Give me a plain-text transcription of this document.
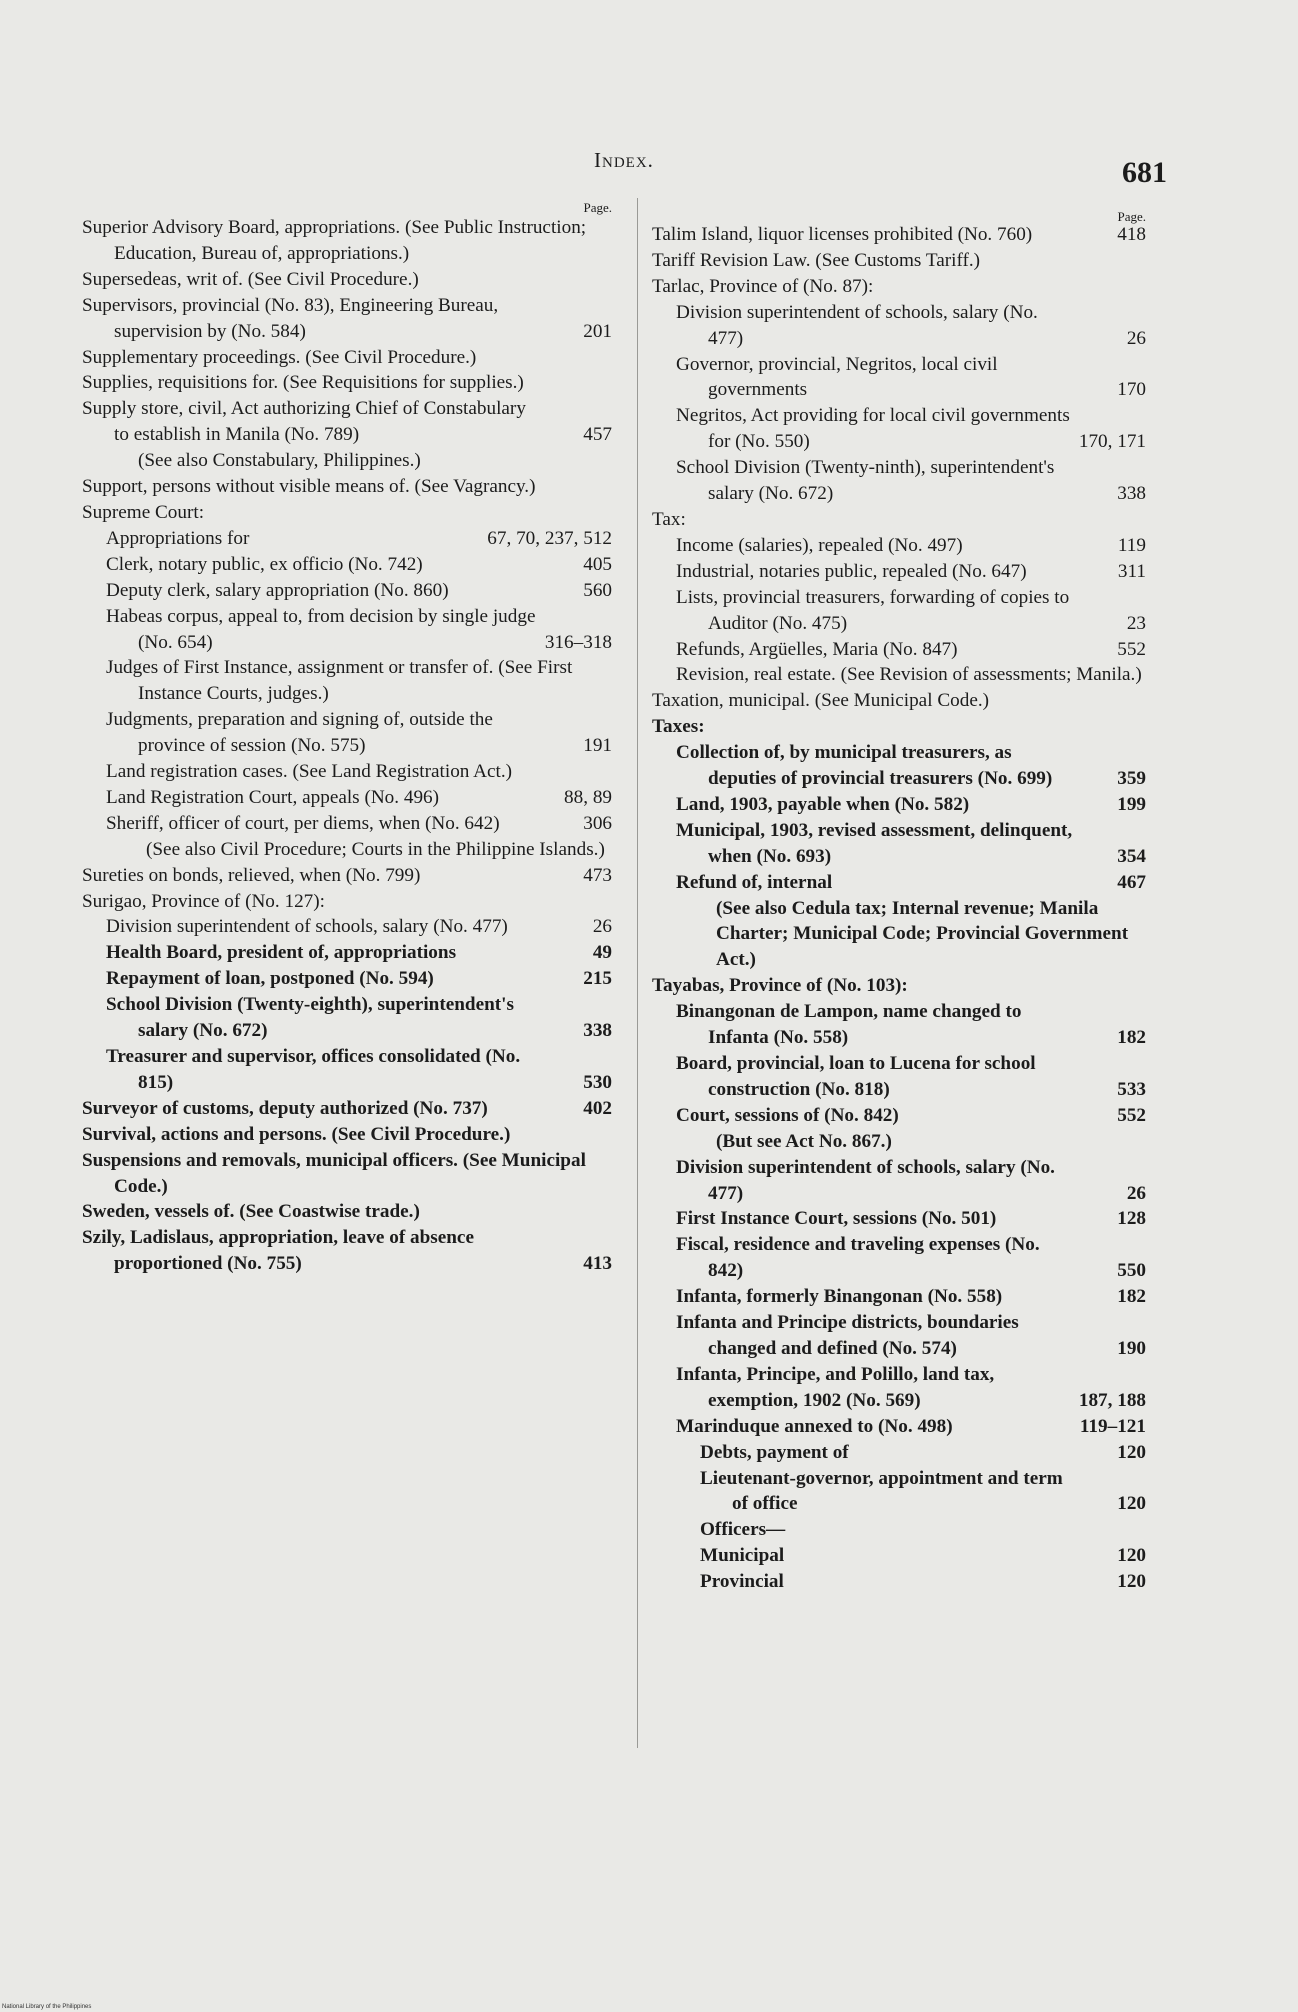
Index.	681
Page.
Superior Advisory Board, appropriations. (See Public Instruction; Education, Bureau of, appropriations.)
Supersedeas, writ of. (See Civil Procedure.)
Supervisors, provincial (No. 83), Engineering Bureau, supervision by (No. 584)	201
Supplementary proceedings. (See Civil Procedure.)
Supplies, requisitions for. (See Requisitions for supplies.)
Supply store, civil, Act authorizing Chief of Constabulary to establish in Manila (No. 789)	457
(See also Constabulary, Philippines.)
Support, persons without visible means of. (See Vagrancy.)
Supreme Court:
Appropriations for	67, 70, 237, 512
Clerk, notary public, ex officio (No. 742)	405
Deputy clerk, salary appropriation (No. 860)	560
Habeas corpus, appeal to, from decision by single judge (No. 654)	316–318
Judges of First Instance, assignment or transfer of. (See First Instance Courts, judges.)
Judgments, preparation and signing of, outside the province of session (No. 575)	191
Land registration cases. (See Land Registration Act.)
Land Registration Court, appeals (No. 496)	88, 89
Sheriff, officer of court, per diems, when (No. 642)	306
(See also Civil Procedure; Courts in the Philippine Islands.)
Sureties on bonds, relieved, when (No. 799)	473
Surigao, Province of (No. 127):
Division superintendent of schools, salary (No. 477)	26
Health Board, president of, appropriations	49
Repayment of loan, postponed (No. 594)	215
School Division (Twenty-eighth), superintendent's salary (No. 672)	338
Treasurer and supervisor, offices consolidated (No. 815)	530
Surveyor of customs, deputy authorized (No. 737)	402
Survival, actions and persons. (See Civil Procedure.)
Suspensions and removals, municipal officers. (See Municipal Code.)
Sweden, vessels of. (See Coastwise trade.)
Szily, Ladislaus, appropriation, leave of absence proportioned (No. 755)	413
Page.
Talim Island, liquor licenses prohibited (No. 760)	418
Tariff Revision Law. (See Customs Tariff.)
Tarlac, Province of (No. 87):
Division superintendent of schools, salary (No. 477)	26
Governor, provincial, Negritos, local civil governments	170
Negritos, Act providing for local civil governments for (No. 550)	170, 171
School Division (Twenty-ninth), superintendent's salary (No. 672)	338
Tax:
Income (salaries), repealed (No. 497)	119
Industrial, notaries public, repealed (No. 647)	311
Lists, provincial treasurers, forwarding of copies to Auditor (No. 475)	23
Refunds, Argüelles, Maria (No. 847)	552
Revision, real estate. (See Revision of assessments; Manila.)
Taxation, municipal. (See Municipal Code.)
Taxes:
Collection of, by municipal treasurers, as deputies of provincial treasurers (No. 699)	359
Land, 1903, payable when (No. 582)	199
Municipal, 1903, revised assessment, delinquent, when (No. 693)	354
Refund of, internal	467
(See also Cedula tax; Internal revenue; Manila Charter; Municipal Code; Provincial Government Act.)
Tayabas, Province of (No. 103):
Binangonan de Lampon, name changed to Infanta (No. 558)	182
Board, provincial, loan to Lucena for school construction (No. 818)	533
Court, sessions of (No. 842)	552
(But see Act No. 867.)
Division superintendent of schools, salary (No. 477)	26
First Instance Court, sessions (No. 501)	128
Fiscal, residence and traveling expenses (No. 842)	550
Infanta, formerly Binangonan (No. 558)	182
Infanta and Principe districts, boundaries changed and defined (No. 574)	190
Infanta, Principe, and Polillo, land tax, exemption, 1902 (No. 569)	187, 188
Marinduque annexed to (No. 498)	119–121
Debts, payment of	120
Lieutenant-governor, appointment and term of office	120
Officers—
Municipal	120
Provincial	120
National Library of the Philippines
